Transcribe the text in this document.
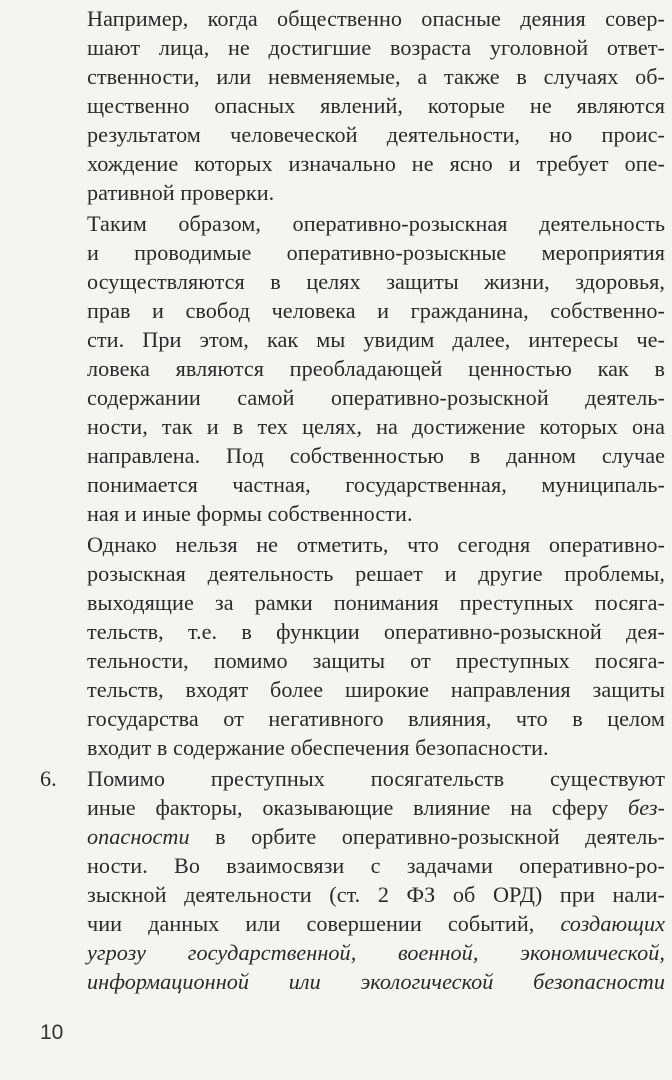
Например, когда общественно опасные деяния совер-
шают лица, не достигшие возраста уголовной ответ-
ственности, или невменяемые, а также в случаях об-
щественно опасных явлений, которые не являются
результатом человеческой деятельности, но проис-
хождение которых изначально не ясно и требует опе-
ративной проверки.
Таким образом, оперативно-розыскная деятельность
и проводимые оперативно-розыскные мероприятия
осуществляются в целях защиты жизни, здоровья,
прав и свобод человека и гражданина, собственно-
сти. При этом, как мы увидим далее, интересы че-
ловека являются преобладающей ценностью как в
содержании самой оперативно-розыскной деятель-
ности, так и в тех целях, на достижение которых она
направлена. Под собственностью в данном случае
понимается частная, государственная, муниципаль-
ная и иные формы собственности.
Однако нельзя не отметить, что сегодня оперативно-
розыскная деятельность решает и другие проблемы,
выходящие за рамки понимания преступных посяга-
тельств, т.е. в функции оперативно-розыскной дея-
тельности, помимо защиты от преступных посяга-
тельств, входят более широкие направления защиты
государства от негативного влияния, что в целом
входит в содержание обеспечения безопасности.
6. Помимо преступных посягательств существуют
иные факторы, оказывающие влияние на сферу без-
опасности в орбите оперативно-розыскной деятель-
ности. Во взаимосвязи с задачами оперативно-ро-
зыскной деятельности (ст. 2 ФЗ об ОРД) при нали-
чии данных или совершении событий, создающих
угрозу государственной, военной, экономической,
информационной или экологической безопасности
10
